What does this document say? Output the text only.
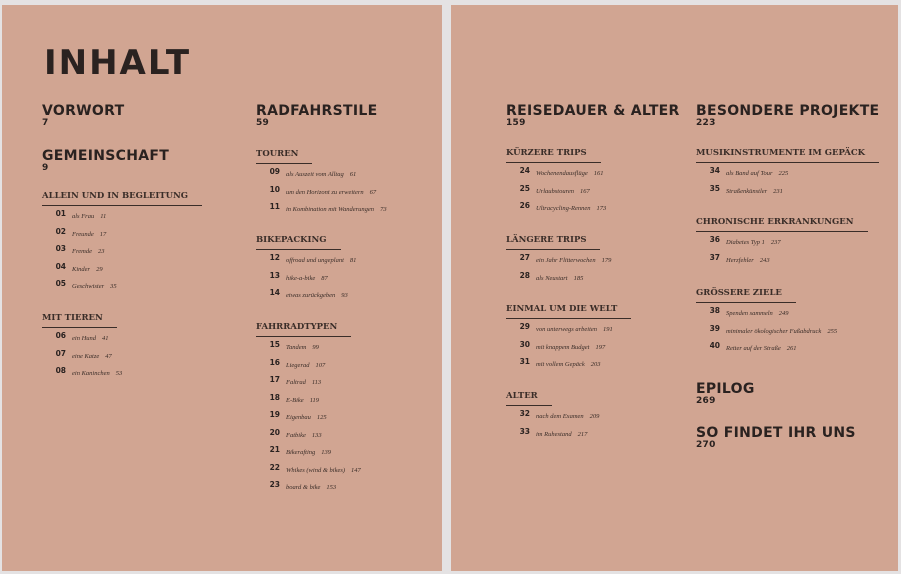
INHALT
VORWORT
7
GEMEINSCHAFT
9
ALLEIN UND IN BEGLEITUNG
01 als Frau 11
02 Freunde 17
03 Fremde 23
04 Kinder 29
05 Geschwister 35
MIT TIEREN
06 ein Hund 41
07 eine Katze 47
08 ein Kaninchen 53
RADFAHRSTILE
59
TOUREN
09 als Auszeit vom Alltag 61
10 um den Horizont zu erweitern 67
11 in Kombination mit Wanderungen 73
BIKEPACKING
12 offroad und ungeplant 81
13 hike-a-bike 87
14 etwas zurückgeben 93
FAHRRADTYPEN
15 Tandem 99
16 Liegerad 107
17 Faltrad 113
18 E-Bike 119
19 Eigenbau 125
20 Fatbike 133
21 Bikerafting 139
22 Whikes (wind & bikes) 147
23 board & bike 153
REISEDAUER & ALTER
159
KÜRZERE TRIPS
24 Wochenendausflüge 161
25 Urlaubstouren 167
26 Ultracycling-Rennen 173
LÄNGERE TRIPS
27 ein Jahr Flitterwochen 179
28 als Neustart 185
EINMAL UM DIE WELT
29 von unterwegs arbeiten 191
30 mit knappem Budget 197
31 mit vollem Gepäck 203
ALTER
32 nach dem Examen 209
33 im Ruhestand 217
BESONDERE PROJEKTE
223
MUSIKINSTRUMENTE IM GEPÄCK
34 als Band auf Tour 225
35 Straßenkünstler 231
CHRONISCHE ERKRANKUNGEN
36 Diabetes Typ 1 237
37 Herzfehler 243
GRÖSSERE ZIELE
38 Spenden sammeln 249
39 minimaler ökologischer Fußabdruck 255
40 Retter auf der Straße 261
EPILOG
269
SO FINDET IHR UNS
270
